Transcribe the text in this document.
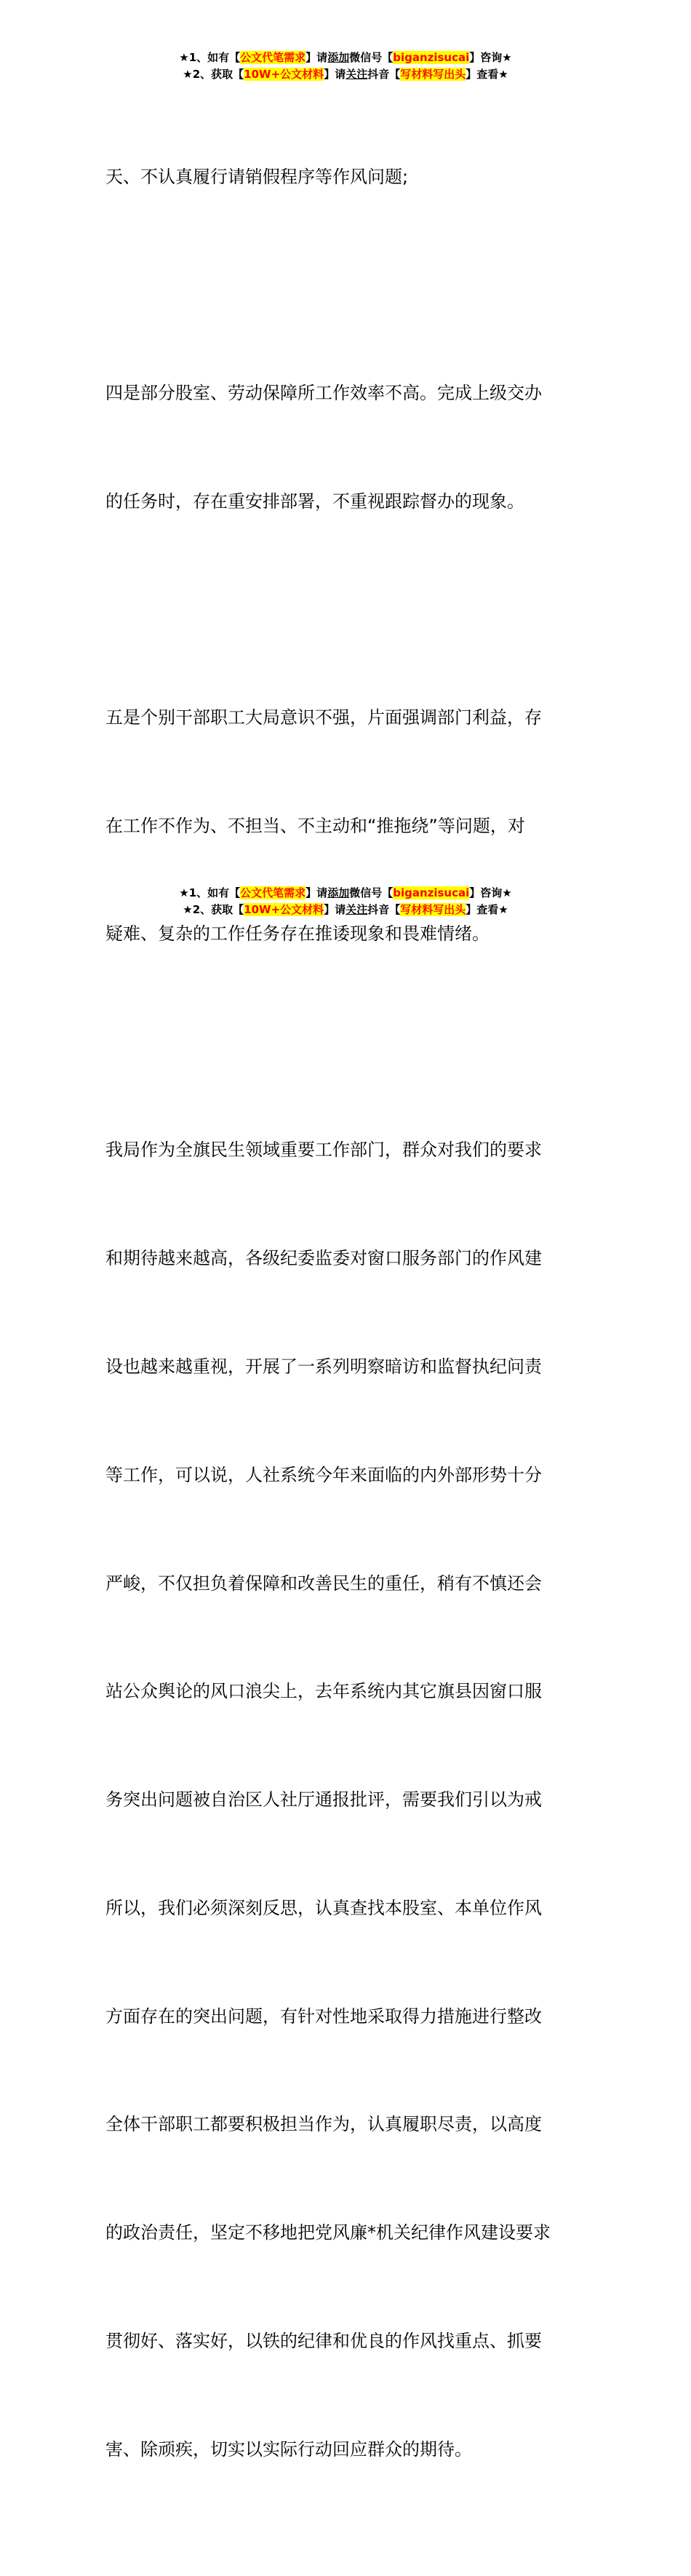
★1、如有【公文代笔需求】请添加微信号【biganzisucai】咨询★
★2、获取【10W+公文材料】请关注抖音【写材料写出头】查看★

天、不认真履行请销假程序等作风问题;

四是部分股室、劳动保障所工作效率不高。完成上级交办

的任务时，存在重安排部署，不重视跟踪督办的现象。

五是个别干部职工大局意识不强，片面强调部门利益，存

在工作不作为、不担当、不主动和“推拖绕”等问题，对

疑难、复杂的工作任务存在推诿现象和畏难情绪。

我局作为全旗民生领域重要工作部门，群众对我们的要求

和期待越来越高，各级纪委监委对窗口服务部门的作风建

设也越来越重视，开展了一系列明察暗访和监督执纪问责

等工作，可以说，人社系统今年来面临的内外部形势十分

严峻，不仅担负着保障和改善民生的重任，稍有不慎还会

站公众舆论的风口浪尖上，去年系统内其它旗县因窗口服

务突出问题被自治区人社厅通报批评，需要我们引以为戒

所以，我们必须深刻反思，认真查找本股室、本单位作风

方面存在的突出问题，有针对性地采取得力措施进行整改

全体干部职工都要积极担当作为，认真履职尽责，以高度

的政治责任，坚定不移地把党风廉*机关纪律作风建设要求

贯彻好、落实好，以铁的纪律和优良的作风找重点、抓要

害、除顽疾，切实以实际行动回应群众的期待。

★1、如有【公文代笔需求】请添加微信号【biganzisucai】咨询★
★2、获取【10W+公文材料】请关注抖音【写材料写出头】查看★
